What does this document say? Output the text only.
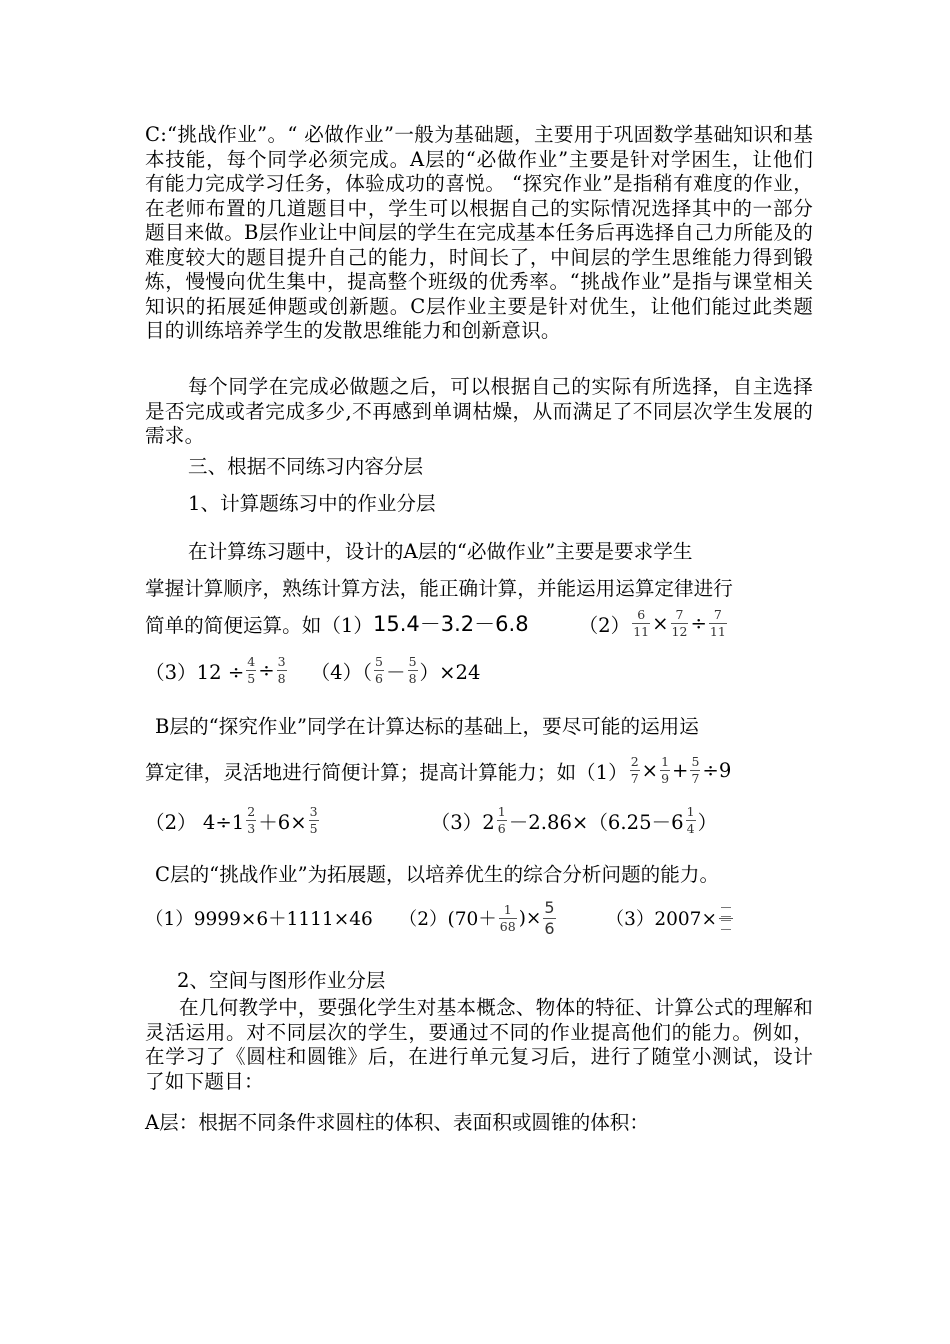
C:“挑战作业”。“ 必做作业”一般为基础题，主要用于巩固数学基础知识和基本技能，每个同学必须完成。A层的“必做作业”主要是针对学困生，让他们有能力完成学习任务，体验成功的喜悦。 “探究作业”是指稍有难度的作业，在老师布置的几道题目中，学生可以根据自己的实际情况选择其中的一部分题目来做。B层作业让中间层的学生在完成基本任务后再选择自己力所能及的难度较大的题目提升自己的能力，时间长了，中间层的学生思维能力得到锻炼，慢慢向优生集中，提高整个班级的优秀率。“挑战作业”是指与课堂相关知识的拓展延伸题或创新题。C层作业主要是针对优生，让他们能过此类题目的训练培养学生的发散思维能力和创新意识。

每个同学在完成必做题之后，可以根据自己的实际有所选择，自主选择是否完成或者完成多少,不再感到单调枯燥，从而满足了不同层次学生发展的需求。

三、根据不同练习内容分层

1、计算题练习中的作业分层

在计算练习题中，设计的A层的“必做作业”主要是要求学生

掌握计算顺序，熟练计算方法，能正确计算，并能运用运算定律进行

简单的简便运算。如（1） 15.4－3.2－6.8	$(2) \frac{6}{11} \times \frac{7}{12} \div \frac{7}{11}$
$(3)12 \div \frac{4}{5} \div \frac{3}{8} (4)( \frac{5}{6} - \frac{5}{8} )\times 24$

B层的“探究作业”同学在计算达标的基础上，要尽可能的运用运

算定律，灵活地进行简便计算；提高计算能力；如$(1) \frac{2}{7} \times \frac{1}{9} + \frac{5}{7} \div 9$
（2） $4\div 1 \frac{2}{3} +6\times \frac{3}{5}$	$(3)2 \frac{1}{6} -2.86\times(6.25-6 \frac{1}{4}$ ）

C层的“挑战作业”为拓展题，以培养优生的综合分析问题的能力。

（1）9999×6＋1111×46 $(2)(70+ \frac{1}{68}$ )× $\frac{5}{6}$	（3）2007×

2、空间与图形作业分层

在几何教学中，要强化学生对基本概念、物体的特征、计算公式的理解和灵活运用。对不同层次的学生，要通过不同的作业提高他们的能力。例如，在学习了《圆柱和圆锥》后，在进行单元复习后，进行了随堂小测试，设计了如下题目：

A层：根据不同条件求圆柱的体积、表面积或圆锥的体积：
